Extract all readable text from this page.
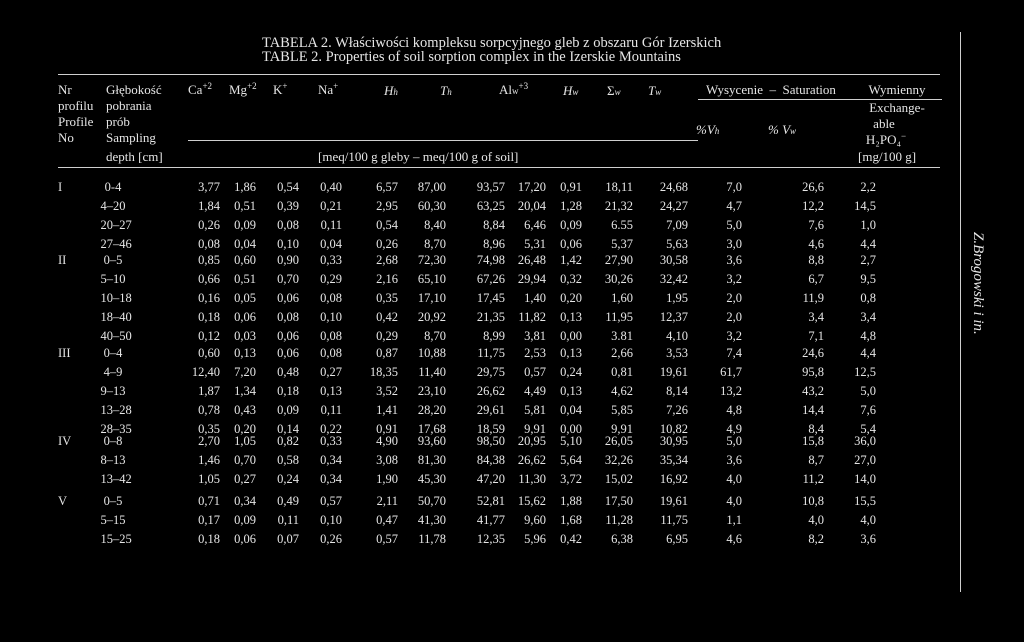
TABELA 2. Właściwości kompleksu sorpcyjnego gleb z obszaru Gór Izerskich
TABLE 2. Properties of soil sorption complex in the Izerskie Mountains
Nr
profilu
Profile
No
Głębokość
pobrania
prób
Sampling
depth [cm]
$Ca^{+2}$ $Mg^{+2}$ K+ Na+	$H_h$	$T_h$	$Al_w^{+3}$	$H_w$ $\Sigma_w$ $T_w$	Wysycenie – Saturation
$\%V_h$	% $V_w$
Wymienny
Exchange-
able
H₂PO₄−
[mg/100 g]
[meq/100 g gleby – meq/100 g of soil]
Z.Brogowski i in.
I	0-4	3,77 1,86 0,54 0,40	6,57 87,00 93,57 17,20 0,91 18,11 24,68	7,0	26,6	2,2
4–20	1,84 0,51 0,39 0,21	2,95 60,30 63,25 20,04 1,28 21,32 24,27	4,7	12,2 14,5
20–27	0,26 0,09 0,08 0,11	0,54 8,40	8,84 6,46 0,09 6.55	7,09	5,0	7,6	1,0
27–46	0,08 0,04 0,10 0,04	0,26 8,70	8,96 5,31 0,06 5,37	5,63	3,0	4,6	4,4
II	0–5	0,85 0,60 0,90 0,33	2,68 72,30 74,98 26,48 1,42 27,90 30,58	3,6	8,8	2,7
5–10	0,66 0,51 0,70 0,29	2,16 65,10 67,26 29,94 0,32 30,26 32,42	3,2	6,7	9,5
10–18	0,16 0,05 0,06 0,08	0,35 17,10 17,45 1,40 0,20 1,60	1,95	2,0	11,9	0,8
18–40	0,18 0,06 0,08 0,10	0,42 20,92 21,35 11,82 0,13 11,95 12,37	2,0	3,4	3,4
40–50	0,12 0,03 0,06 0,08	0,29 8,70	8,99 3,81 0,00 3.81	4,10	3,2	7,1	4,8
III	0–4	0,60 0,13 0,06 0,08	0,87 10,88	11,75 2,53 0,13 2,66	3,53	7,4	24,6	4,4
4–9	12,40 7,20 0,48 0,27 18,35 11,40 29,75 0,57 0,24 0,81 19,61	61,7	95,8 12,5
9–13	1,87 1,34 0,18 0,13	3,52 23,10 26,62 4,49 0,13 4,62	8,14	13,2	43,2	5,0
13–28	0,78 0,43 0,09 0,11	1,41 28,20 29,61 5,81 0,04 5,85	7,26	4,8	14,4	7,6
28–35	0,35 0,20 0,14 0,22	0,91 17,68 18,59 9,91 0,00 9,91 10,82	4,9	8,4	5,4
IV	0–8	2,70 1,05 0,82 0,33	4,90 93,60 98,50 20,95 5,10 26,05 30,95	5,0	15,8 36,0
8–13	1,46 0,70 0,58 0,34	3,08 81,30 84,38 26,62 5,64 32,26 35,34	3,6	8,7 27,0
13–42	1,05 0,27 0,24 0,34	1,90 45,30 47,20 11,30 3,72 15,02 16,92	4,0	11,2 14,0
V	0–5	0,71 0,34 0,49 0,57	2,11 50,70 52,81 15,62 1,88 17,50 19,61	4,0	10,8 15,5
5–15	0,17 0,09 0,11 0,10	0,47 41,30 41,77 9,60 1,68 11,28 11,75	1,1	4,0	4,0
15–25	0,18 0,06 0,07 0,26	0,57 11,78 12,35 5,96 0,42 6,38	6,95	4,6	8,2	3,6
